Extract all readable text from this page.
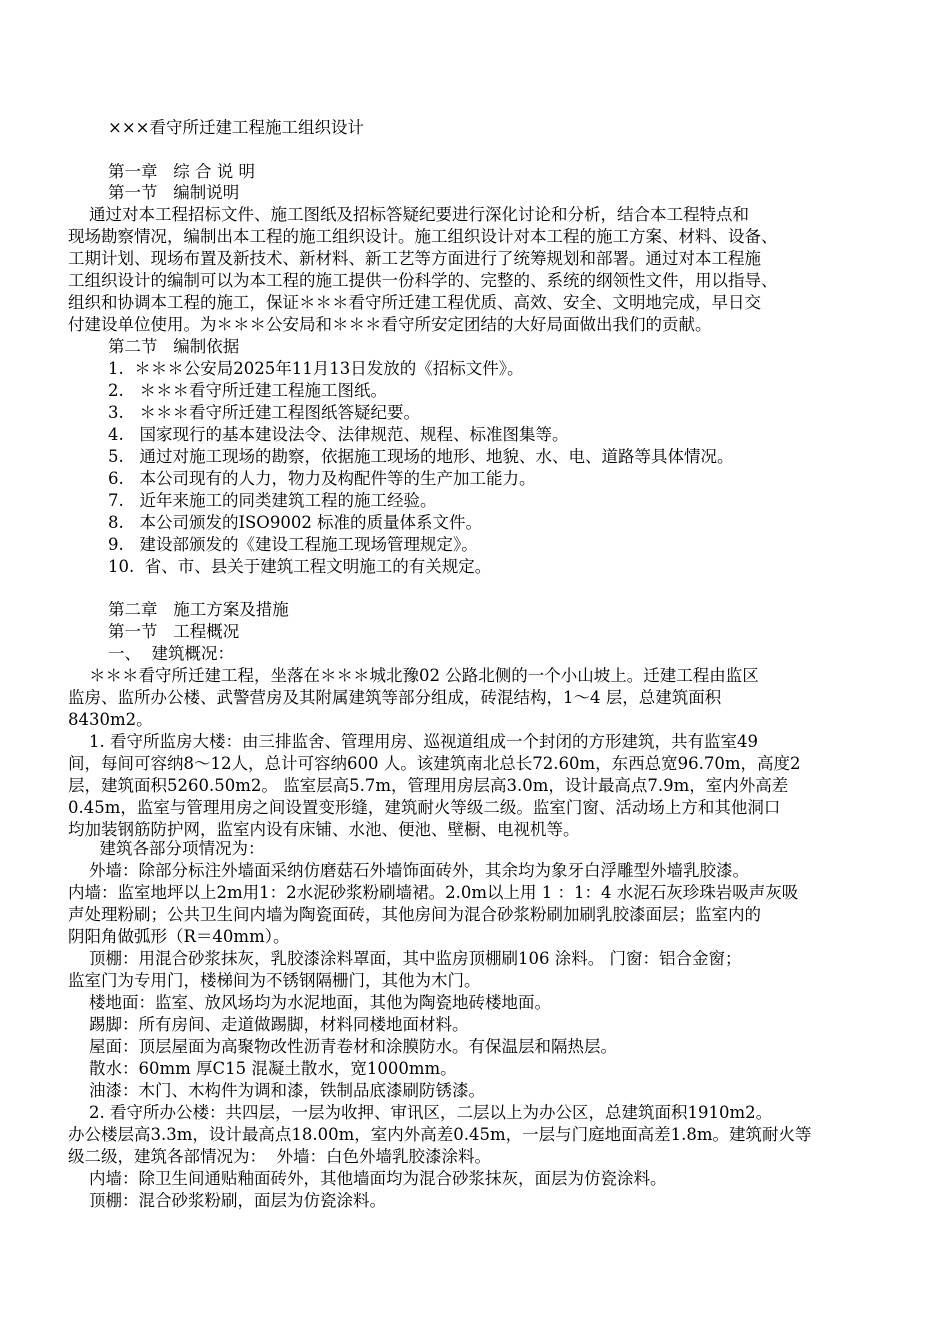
×××看守所迁建工程施工组织设计
第一章   综 合 说 明
第一节   编制说明
通过对本工程招标文件、施工图纸及招标答疑纪要进行深化讨论和分析，结合本工程特点和
现场勘察情况，编制出本工程的施工组织设计。施工组织设计对本工程的施工方案、材料、设备、
工期计划、现场布置及新技术、新材料、新工艺等方面进行了统筹规划和部署。通过对本工程施
工组织设计的编制可以为本工程的施工提供一份科学的、完整的、系统的纲领性文件，用以指导、
组织和协调本工程的施工，保证＊＊＊看守所迁建工程优质、高效、安全、文明地完成，早日交
付建设单位使用。为＊＊＊公安局和＊＊＊看守所安定团结的大好局面做出我们的贡献。
第二节   编制依据
1.  ＊＊＊公安局2025年11月13日发放的《招标文件》。
2.   ＊＊＊看守所迁建工程施工图纸。
3.   ＊＊＊看守所迁建工程图纸答疑纪要。
4.   国家现行的基本建设法令、法律规范、规程、标准图集等。
5.   通过对施工现场的勘察，依据施工现场的地形、地貌、水、电、道路等具体情况。
6.   本公司现有的人力，物力及构配件等的生产加工能力。
7.   近年来施工的同类建筑工程的施工经验。
8.   本公司颁发的ISO9002 标准的质量体系文件。
9.   建设部颁发的《建设工程施工现场管理规定》。
10.  省、市、县关于建筑工程文明施工的有关规定。
第二章   施工方案及措施
第一节   工程概况
一、  建筑概况：
＊＊＊看守所迁建工程，坐落在＊＊＊城北豫02 公路北侧的一个小山坡上。迁建工程由监区
监房、监所办公楼、武警营房及其附属建筑等部分组成，砖混结构，1～4 层，总建筑面积
8430m2。
1. 看守所监房大楼：由三排监舍、管理用房、巡视道组成一个封闭的方形建筑，共有监室49
间，每间可容纳8～12人，总计可容纳600 人。该建筑南北总长72.60m，东西总宽96.70m，高度2
层，建筑面积5260.50m2。 监室层高5.7m，管理用房层高3.0m，设计最高点7.9m，室内外高差
0.45m，监室与管理用房之间设置变形缝，建筑耐火等级二级。监室门窗、活动场上方和其他洞口
均加装钢筋防护网，监室内设有床铺、水池、便池、壁橱、电视机等。
建筑各部分项情况为：
外墙：除部分标注外墙面采纳仿磨菇石外墙饰面砖外，其余均为象牙白浮雕型外墙乳胶漆。
内墙：监室地坪以上2m用1：2水泥砂浆粉刷墙裙。2.0m以上用 1 ：1：4 水泥石灰珍珠岩吸声灰吸
声处理粉刷；公共卫生间内墙为陶瓷面砖，其他房间为混合砂浆粉刷加刷乳胶漆面层；监室内的
阴阳角做弧形（R＝40mm）。
顶棚：用混合砂浆抹灰，乳胶漆涂料罩面，其中监房顶棚刷106 涂料。 门窗：铝合金窗；
监室门为专用门，楼梯间为不锈钢隔栅门，其他为木门。
楼地面：监室、放风场均为水泥地面，其他为陶瓷地砖楼地面。
踢脚：所有房间、走道做踢脚，材料同楼地面材料。
屋面：顶层屋面为高聚物改性沥青卷材和涂膜防水。有保温层和隔热层。
散水：60mm 厚C15 混凝土散水，宽1000mm。
油漆：木门、木构件为调和漆，铁制品底漆刷防锈漆。
2. 看守所办公楼：共四层，一层为收押、审讯区，二层以上为办公区，总建筑面积1910m2。
办公楼层高3.3m，设计最高点18.00m，室内外高差0.45m，一层与门庭地面高差1.8m。建筑耐火等
级二级，建筑各部情况为：  外墙：白色外墙乳胶漆涂料。
内墙：除卫生间通贴釉面砖外，其他墙面均为混合砂浆抹灰，面层为仿瓷涂料。
顶棚：混合砂浆粉刷，面层为仿瓷涂料。
